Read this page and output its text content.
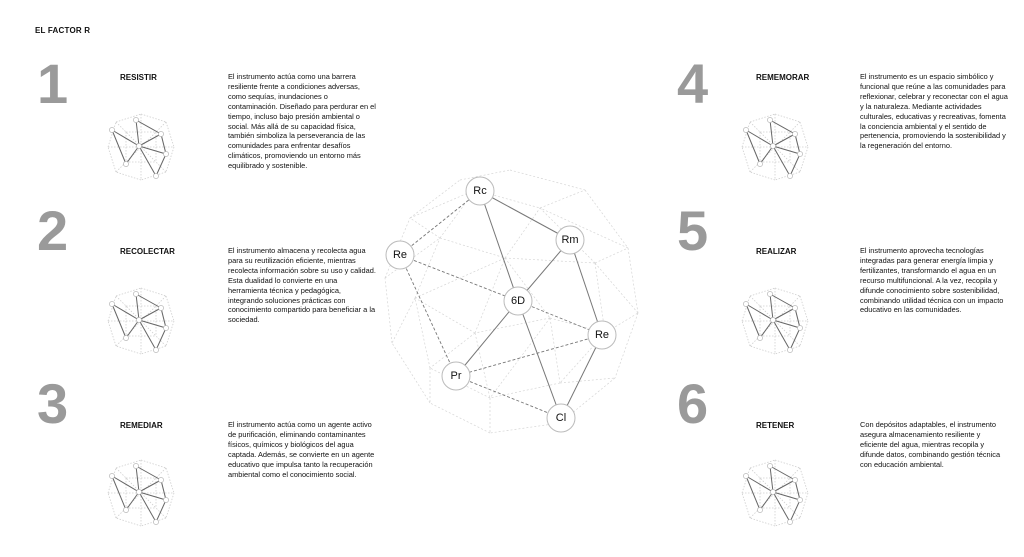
EL FACTOR R
1	RESISTIR	El instrumento actúa como una barrera resiliente frente a condiciones adversas, como sequías, inundaciones o contaminación. Diseñado para perdurar en el tiempo, incluso bajo presión ambiental o social. Más allá de su capacidad física, también simboliza la perseverancia de las comunidades para enfrentar desafíos climáticos, promoviendo un entorno más equilibrado y sostenible.
2	RECOLECTAR	El instrumento almacena y recolecta agua para su reutilización eficiente, mientras recolecta información sobre su uso y calidad. Esta dualidad lo convierte en una herramienta técnica y pedagógica, integrando soluciones prácticas con conocimiento compartido para beneficiar a la sociedad.
3	REMEDIAR	El instrumento actúa como un agente activo de purificación, eliminando contaminantes físicos, químicos y biológicos del agua captada. Además, se convierte en un agente educativo que impulsa tanto la recuperación ambiental como el conocimiento social.
4	REMEMORAR	El instrumento es un espacio simbólico y funcional que reúne a las comunidades para reflexionar, celebrar y reconectar con el agua y la naturaleza. Mediante actividades culturales, educativas y recreativas, fomenta la conciencia ambiental y el sentido de pertenencia, promoviendo la sostenibilidad y la regeneración del entorno.
5	REALIZAR	El instrumento aprovecha tecnologías integradas para generar energía limpia y fertilizantes, transformando el agua en un recurso multifuncional. A la vez, recopila y difunde conocimiento sobre sostenibilidad, combinando utilidad técnica con un impacto educativo en las comunidades.
6	RETENER	Con depósitos adaptables, el instrumento asegura almacenamiento resiliente y eficiente del agua, mientras recopila y difunde datos, combinando gestión técnica con educación ambiental.
Rc
Rm
Re
6D
Re
Pr
Cl
